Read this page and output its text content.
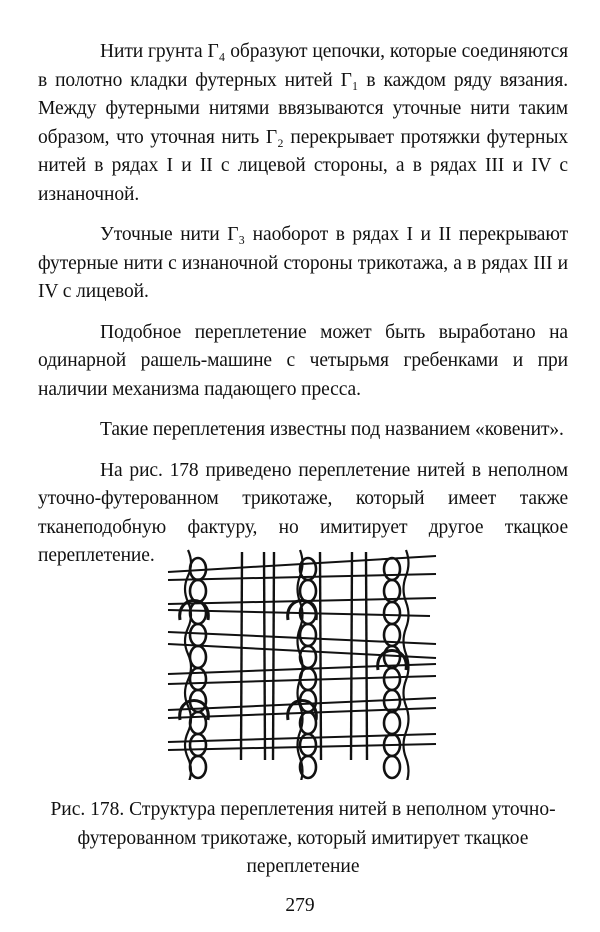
Нити грунта Г₄ образуют цепочки, которые соединяются в полотно кладки футерных нитей Г₁ в каждом ряду вязания. Между футерными нитями ввязываются уточные нити таким образом, что уточная нить Г₂ перекрывает протяжки футерных нитей в рядах I и II с лицевой стороны, а в рядах III и IV с изнаночной.

Уточные нити Г₃ наоборот в рядах I и II перекрывают футерные нити с изнаночной стороны трикотажа, а в рядах III и IV с лицевой.

Подобное переплетение может быть выработано на одинарной рашель-машине с четырьмя гребенками и при наличии механизма падающего пресса.

Такие переплетения известны под названием «ковенит».

На рис. 178 приведено переплетение нитей в неполном уточно-футерованном трикотаже, который имеет также тканеподобную фактуру, но имитирует другое ткацкое переплетение.

Рис. 178. Структура переплетения нитей в неполном уточно-футерованном трикотаже, который имитирует ткацкое переплетение

279
